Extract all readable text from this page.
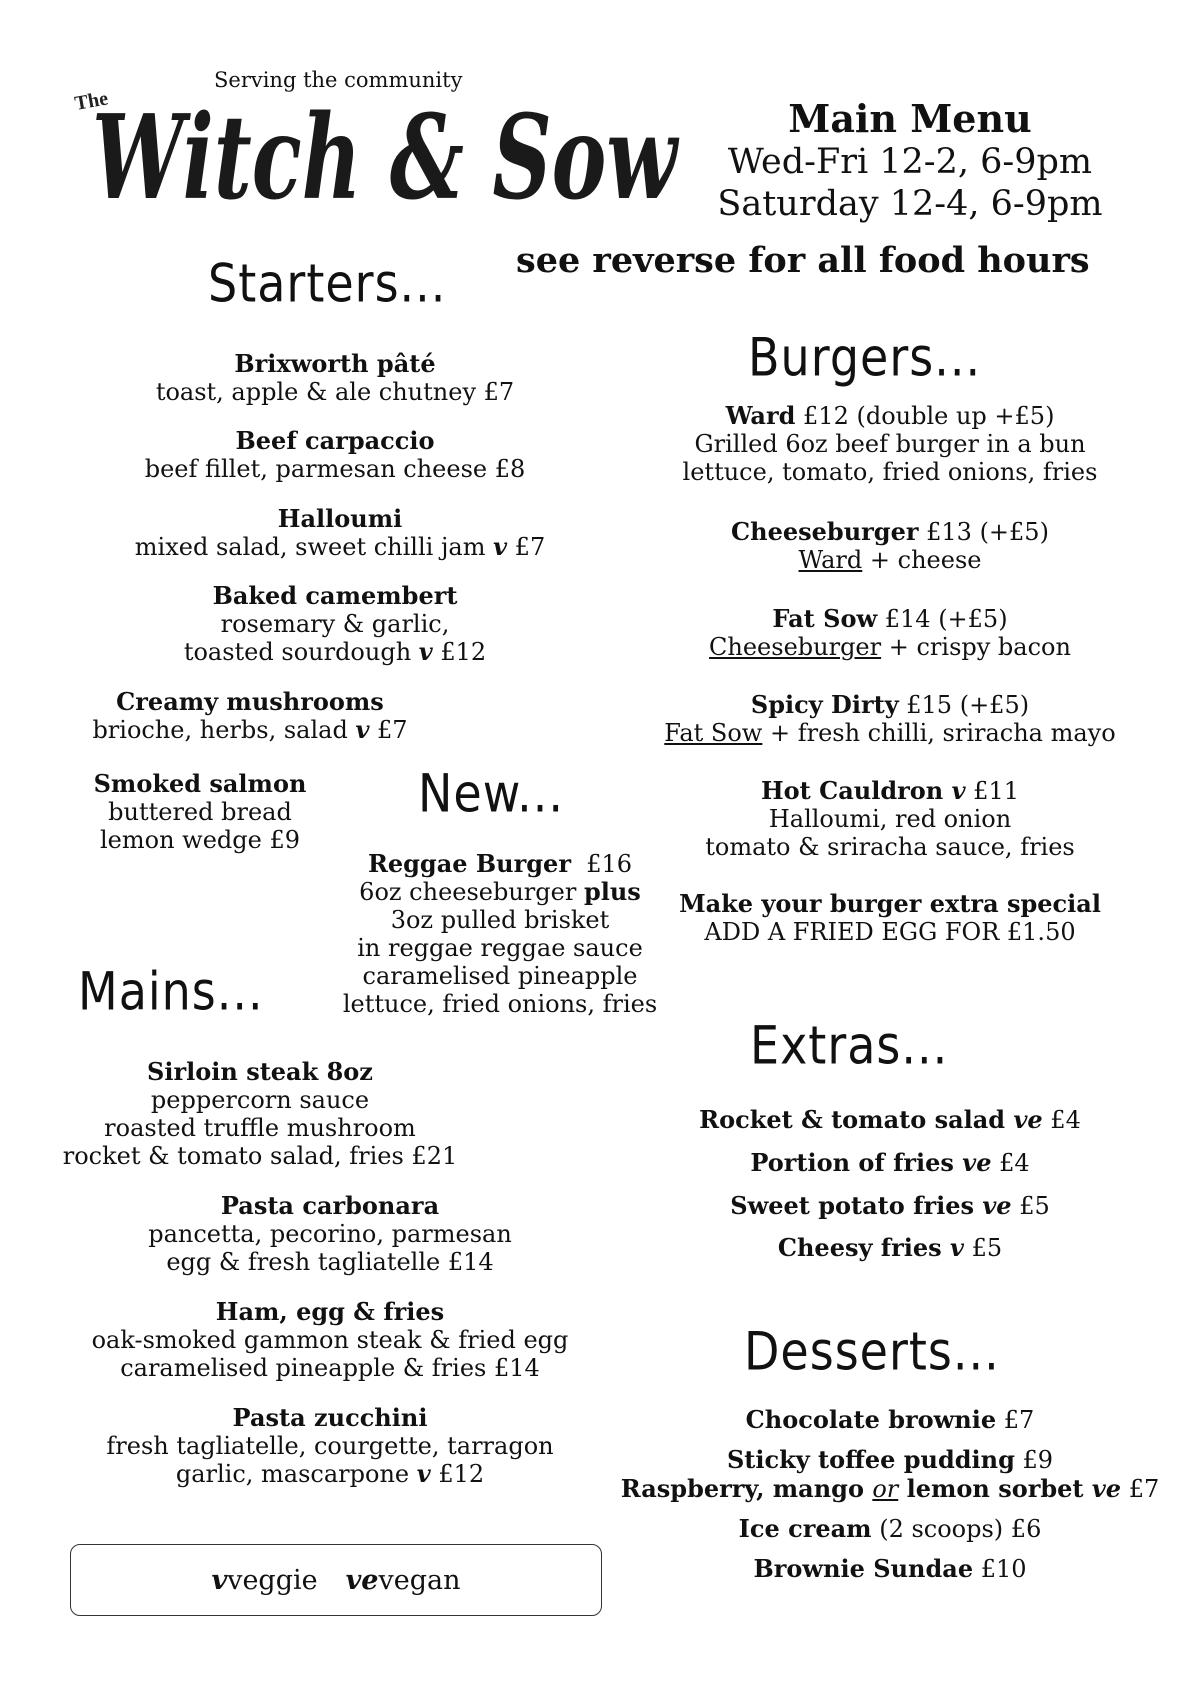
Serving the community
The
Witch & Sow	Main Menu
Wed-Fri 12-2, 6-9pm
Saturday 12-4, 6-9pm
see reverse for all food hours
Starters...
Burgers...
New...
Mains...
Extras...
Desserts...
Brixworth pâté
toast, apple & ale chutney £7
Beef carpaccio
beef fillet, parmesan cheese £8
Halloumi
mixed salad, sweet chilli jam v £7
Baked camembert
rosemary & garlic,
toasted sourdough v £12
Creamy mushrooms
brioche, herbs, salad v £7
Smoked salmon
buttered bread
lemon wedge £9
Reggae Burger £16
6oz cheeseburger plus
3oz pulled brisket
in reggae reggae sauce
caramelised pineapple
lettuce, fried onions, fries
Sirloin steak 8oz
peppercorn sauce
roasted truffle mushroom
rocket & tomato salad, fries £21
Pasta carbonara
pancetta, pecorino, parmesan
egg & fresh tagliatelle £14
Ham, egg & fries
oak-smoked gammon steak & fried egg
caramelised pineapple & fries £14
Pasta zucchini
fresh tagliatelle, courgette, tarragon
garlic, mascarpone v £12
Ward £12 (double up +£5)
Grilled 6oz beef burger in a bun
lettuce, tomato, fried onions, fries
Cheeseburger £13 (+£5)
Ward + cheese
Fat Sow £14 (+£5)
Cheeseburger + crispy bacon
Spicy Dirty £15 (+£5)
Fat Sow + fresh chilli, sriracha mayo
Hot Cauldron v £11
Halloumi, red onion
tomato & sriracha sauce, fries
Make your burger extra special
ADD A FRIED EGG FOR £1.50
Rocket & tomato salad ve £4
Portion of fries ve £4
Sweet potato fries ve £5
Cheesy fries v £5
Chocolate brownie £7
Sticky toffee pudding £9
Raspberry, mango or lemon sorbet ve £7
Ice cream (2 scoops) £6
Brownie Sundae £10
v veggie ve vegan
